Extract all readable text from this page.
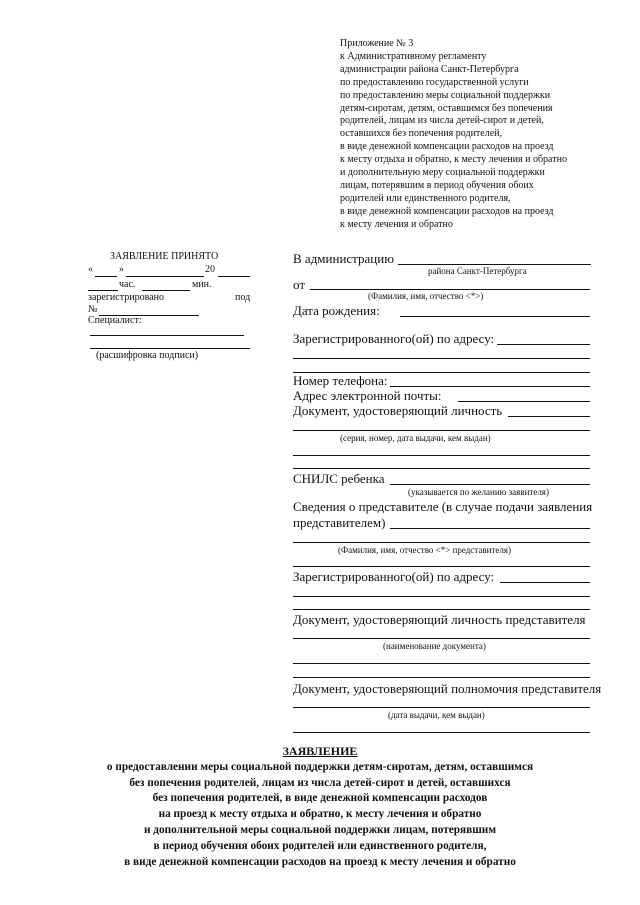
Приложение № 3
к Административному регламенту
администрации района Санкт-Петербурга
по предоставлению государственной услуги
по предоставлению меры социальной поддержки
детям-сиротам, детям, оставшимся без попечения
родителей, лицам из числа детей-сирот и детей,
оставшихся без попечения родителей,
в виде денежной компенсации расходов на проезд
к месту отдыха и обратно, к месту лечения и обратно
и дополнительную меру социальной поддержки
лицам, потерявшим в период обучения обоих
родителей или единственного родителя,
в виде денежной компенсации расходов на проезд
к месту лечения и обратно
ЗАЯВЛЕНИЕ ПРИНЯТО
«	»	20
час.	мин.
зарегистрировано	под
№
Специалист:
(расшифровка подписи)
В администрацию
района Санкт-Петербурга
от
(Фамилия, имя, отчество <*>)
Дата рождения:
Зарегистрированного(ой) по адресу:
Номер телефона:
Адрес электронной почты:
Документ, удостоверяющий личность
(серия, номер, дата выдачи, кем выдан)
СНИЛС ребенка
(указывается по желанию заявителя)
Сведения о представителе (в случае подачи заявления
представителем)
(Фамилия, имя, отчество <*> представителя)
Зарегистрированного(ой) по адресу:
Документ, удостоверяющий личность представителя
(наименование документа)
Документ, удостоверяющий полномочия представителя
(дата выдачи, кем выдан)
ЗАЯВЛЕНИЕ
о предоставлении меры социальной поддержки детям-сиротам, детям, оставшимся
без попечения родителей, лицам из числа детей-сирот и детей, оставшихся
без попечения родителей, в виде денежной компенсации расходов
на проезд к месту отдыха и обратно, к месту лечения и обратно
и дополнительной меры социальной поддержки лицам, потерявшим
в период обучения обоих родителей или единственного родителя,
в виде денежной компенсации расходов на проезд к месту лечения и обратно
